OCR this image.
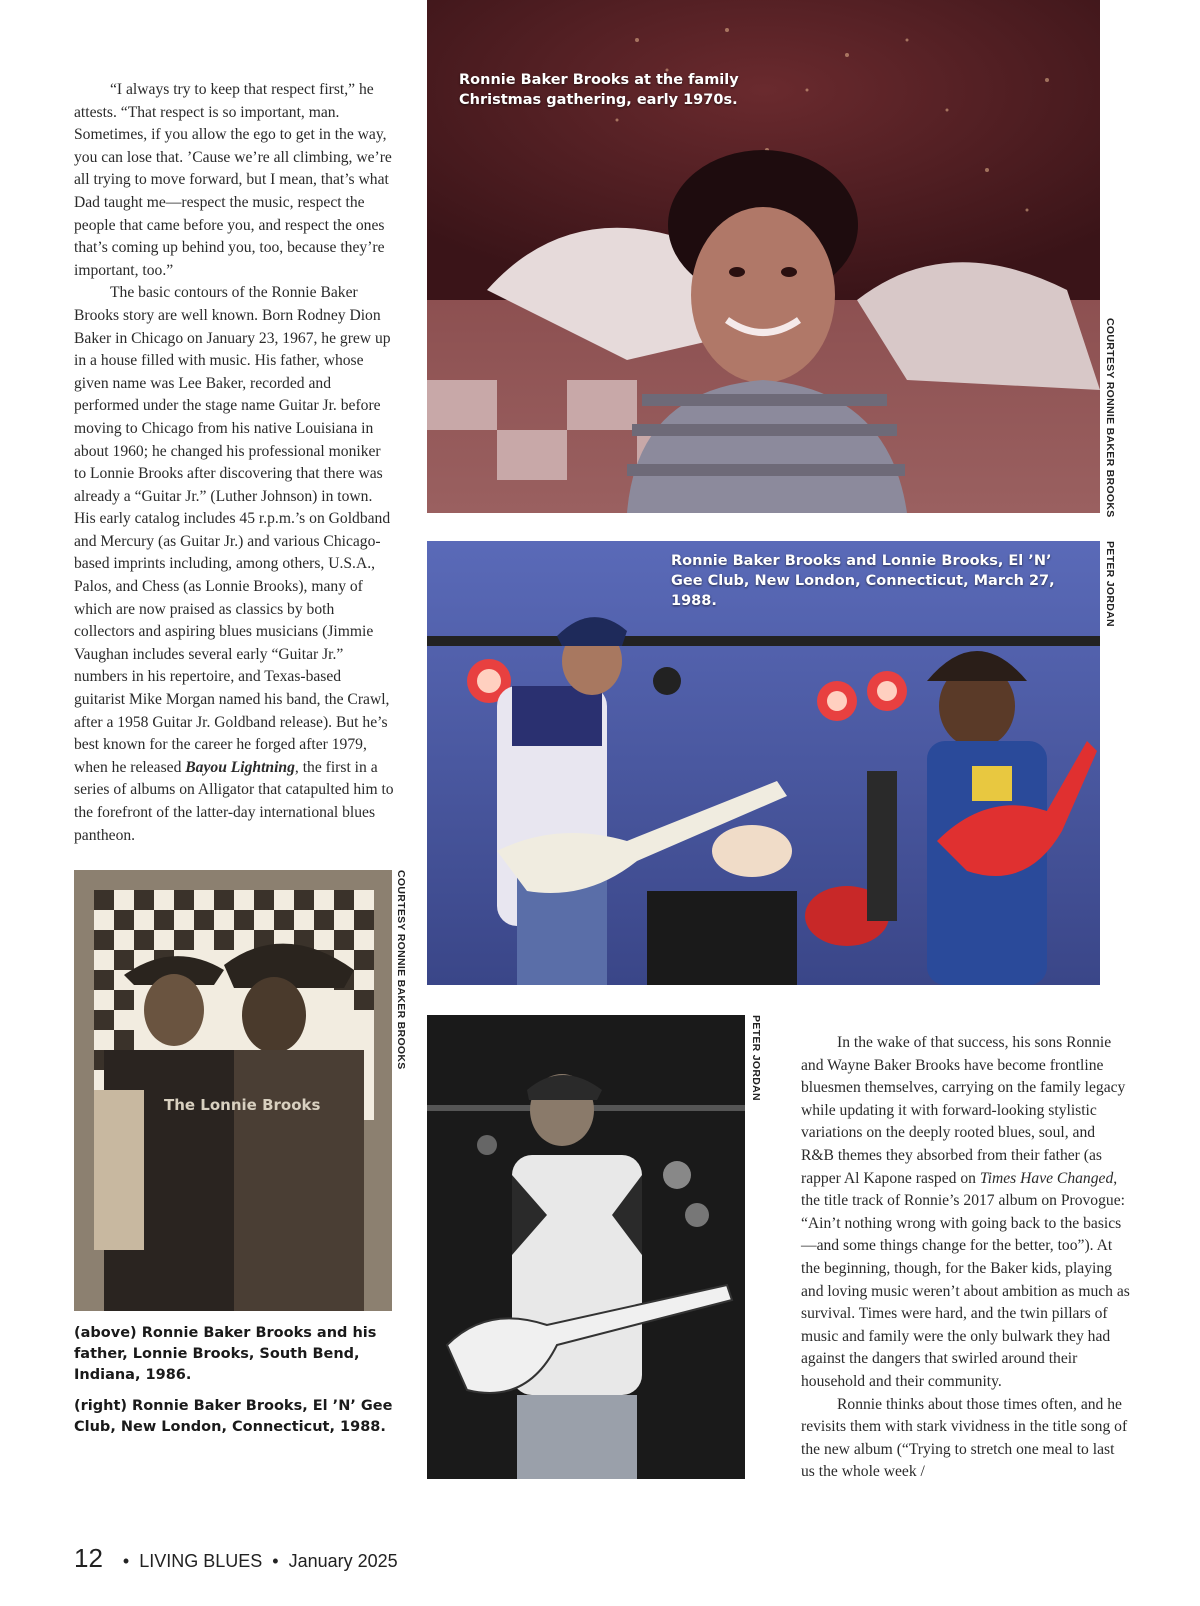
“I always try to keep that respect first,” he attests. “That respect is so important, man. Sometimes, if you allow the ego to get in the way, you can lose that. ’Cause we’re all climbing, we’re all trying to move forward, but I mean, that’s what Dad taught me—respect the music, respect the people that came before you, and respect the ones that’s coming up behind you, too, because they’re important, too.”

The basic contours of the Ronnie Baker Brooks story are well known. Born Rodney Dion Baker in Chicago on January 23, 1967, he grew up in a house filled with music. His father, whose given name was Lee Baker, recorded and performed under the stage name Guitar Jr. before moving to Chicago from his native Louisiana in about 1960; he changed his professional moniker to Lonnie Brooks after discovering that there was already a “Guitar Jr.” (Luther Johnson) in town. His early catalog includes 45 r.p.m.’s on Goldband and Mercury (as Guitar Jr.) and various Chicago-based imprints including, among others, U.S.A., Palos, and Chess (as Lonnie Brooks), many of which are now praised as classics by both collectors and aspiring blues musicians (Jimmie Vaughan includes several early “Guitar Jr.” numbers in his repertoire, and Texas-based guitarist Mike Morgan named his band, the Crawl, after a 1958 Guitar Jr. Goldband release). But he’s best known for the career he forged after 1979, when he released Bayou Lightning, the first in a series of albums on Alligator that catapulted him to the forefront of the latter-day international blues pantheon.

Ronnie Baker Brooks at the family Christmas gathering, early 1970s.
COURTESY RONNIE BAKER BROOKS
Ronnie Baker Brooks and Lonnie Brooks, El ’N’ Gee Club, New London, Connecticut, March 27, 1988.	PETER JORDAN
The Lonnie Brooks
COURTESY RONNIE BAKER BROOKS

(above) Ronnie Baker Brooks and his father, Lonnie Brooks, South Bend, Indiana, 1986.

(right) Ronnie Baker Brooks, El ’N’ Gee Club, New London, Connecticut, 1988.

PETER JORDAN	In the wake of that success, his sons Ronnie and Wayne Baker Brooks have become frontline bluesmen themselves, carrying on the family legacy while updating it with forward-looking stylistic variations on the deeply rooted blues, soul, and R&B themes they absorbed from their father (as rapper Al Kapone rasped on Times Have Changed, the title track of Ronnie’s 2017 album on Provogue: “Ain’t nothing wrong with going back to the basics—and some things change for the better, too”). At the beginning, though, for the Baker kids, playing and loving music weren’t about ambition as much as survival. Times were hard, and the twin pillars of music and family were the only bulwark they had against the dangers that swirled around their household and their community.

Ronnie thinks about those times often, and he revisits them with stark vividness in the title song of the new album (“Trying to stretch one meal to last us the whole week /

12 • LIVING BLUES • January 2025
